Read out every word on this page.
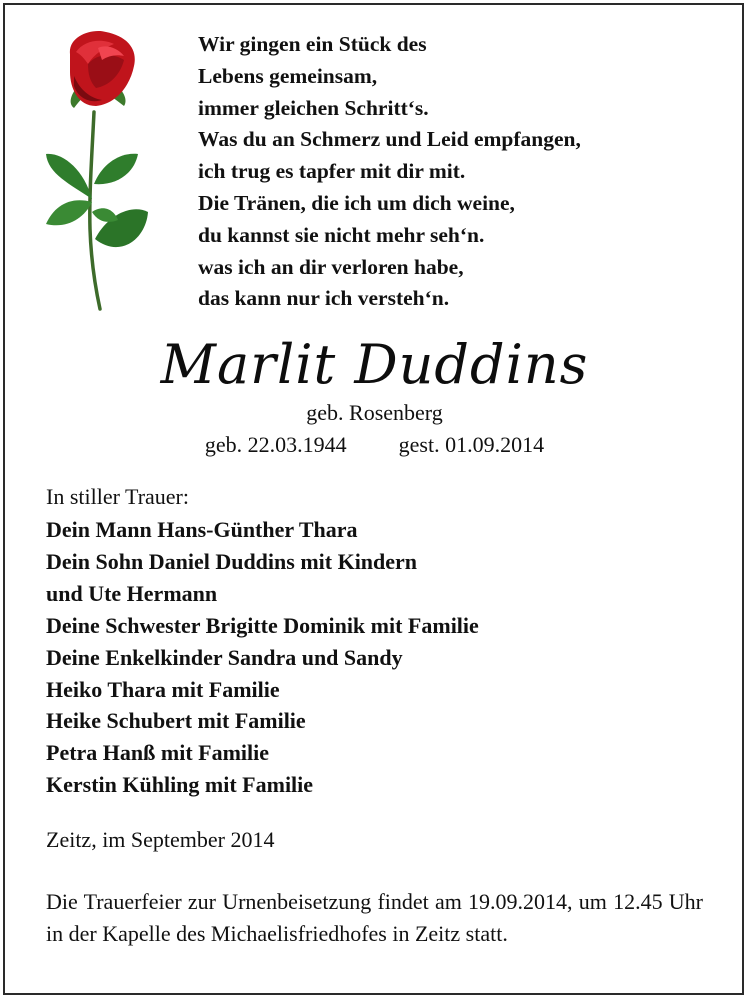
Wir gingen ein Stück des
Lebens gemeinsam,
immer gleichen Schritt‘s.
Was du an Schmerz und Leid empfangen,
ich trug es tapfer mit dir mit.
Die Tränen, die ich um dich weine,
du kannst sie nicht mehr seh‘n.
was ich an dir verloren habe,
das kann nur ich versteh‘n.
Marlit Duddins
geb. Rosenberg
geb. 22.03.1944 gest. 01.09.2014
In stiller Trauer:
Dein Mann Hans-Günther Thara
Dein Sohn Daniel Duddins mit Kindern
und Ute Hermann
Deine Schwester Brigitte Dominik mit Familie
Deine Enkelkinder Sandra und Sandy
Heiko Thara mit Familie
Heike Schubert mit Familie
Petra Hanß mit Familie
Kerstin Kühling mit Familie
Zeitz, im September 2014

Die Trauerfeier zur Urnenbeisetzung findet am 19.09.2014, um 12.45 Uhr in der Kapelle des Michaelisfriedhofes in Zeitz statt.
